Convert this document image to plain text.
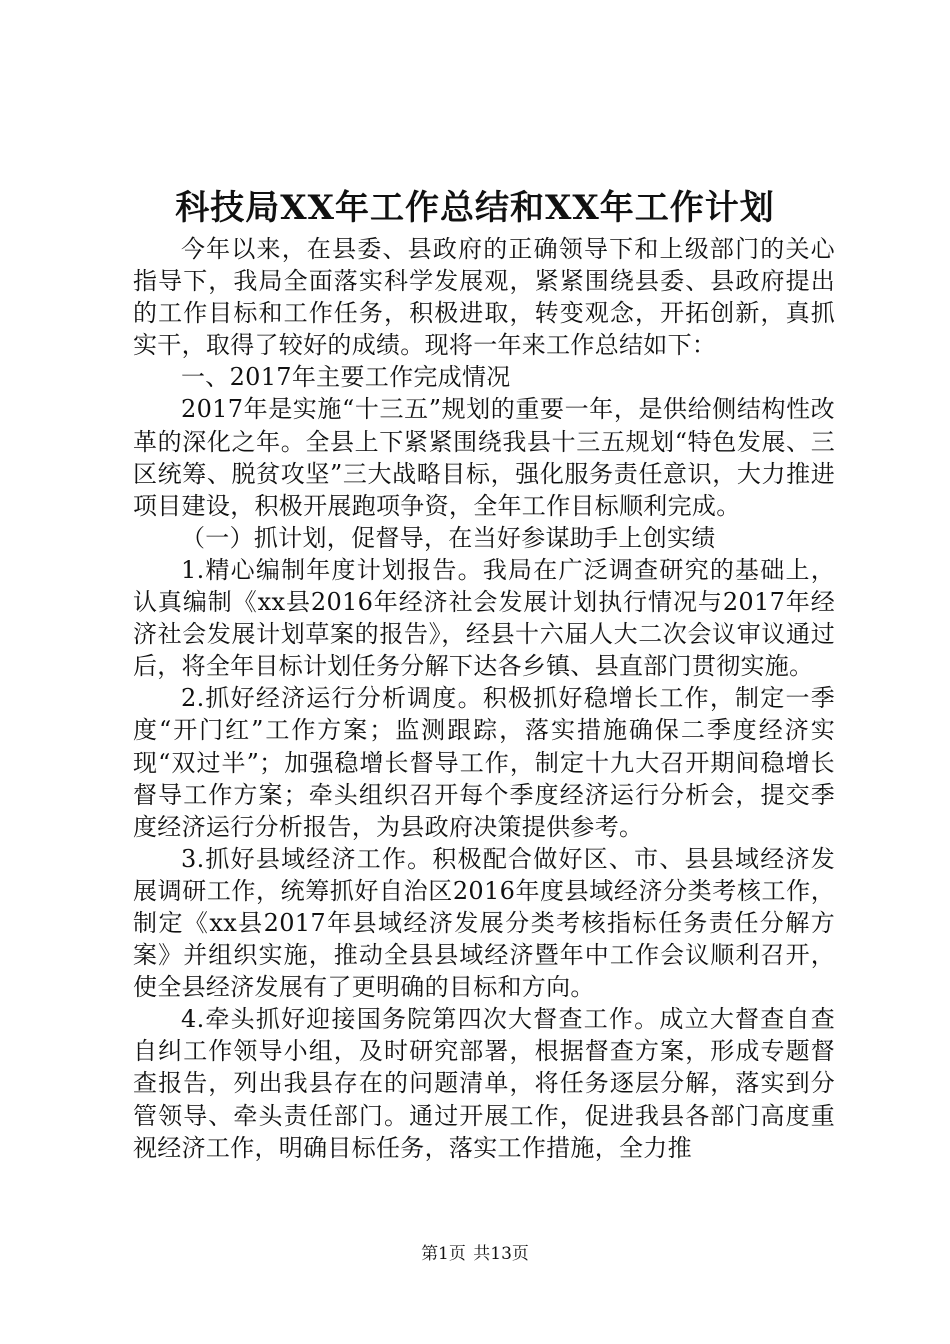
科技局XX年工作总结和XX年工作计划

今年以来，在县委、县政府的正确领导下和上级部门的关心指导下，我局全面落实科学发展观，紧紧围绕县委、县政府提出的工作目标和工作任务，积极进取，转变观念，开拓创新，真抓实干，取得了较好的成绩。现将一年来工作总结如下：

一、2017年主要工作完成情况

2017年是实施“十三五”规划的重要一年，是供给侧结构性改革的深化之年。全县上下紧紧围绕我县十三五规划“特色发展、三区统筹、脱贫攻坚”三大战略目标，强化服务责任意识，大力推进项目建设，积极开展跑项争资，全年工作目标顺利完成。

（一）抓计划，促督导，在当好参谋助手上创实绩

1.精心编制年度计划报告。我局在广泛调查研究的基础上，认真编制《xx县2016年经济社会发展计划执行情况与2017年经济社会发展计划草案的报告》，经县十六届人大二次会议审议通过后，将全年目标计划任务分解下达各乡镇、县直部门贯彻实施。

2.抓好经济运行分析调度。积极抓好稳增长工作，制定一季度“开门红”工作方案；监测跟踪，落实措施确保二季度经济实现“双过半”；加强稳增长督导工作，制定十九大召开期间稳增长督导工作方案；牵头组织召开每个季度经济运行分析会，提交季度经济运行分析报告，为县政府决策提供参考。

3.抓好县域经济工作。积极配合做好区、市、县县域经济发展调研工作，统筹抓好自治区2016年度县域经济分类考核工作，制定《xx县2017年县域经济发展分类考核指标任务责任分解方案》并组织实施，推动全县县域经济暨年中工作会议顺利召开，使全县经济发展有了更明确的目标和方向。

4.牵头抓好迎接国务院第四次大督查工作。成立大督查自查自纠工作领导小组，及时研究部署，根据督查方案，形成专题督查报告，列出我县存在的问题清单，将任务逐层分解，落实到分管领导、牵头责任部门。通过开展工作，促进我县各部门高度重视经济工作，明确目标任务，落实工作措施，全力推

第1页 共13页
